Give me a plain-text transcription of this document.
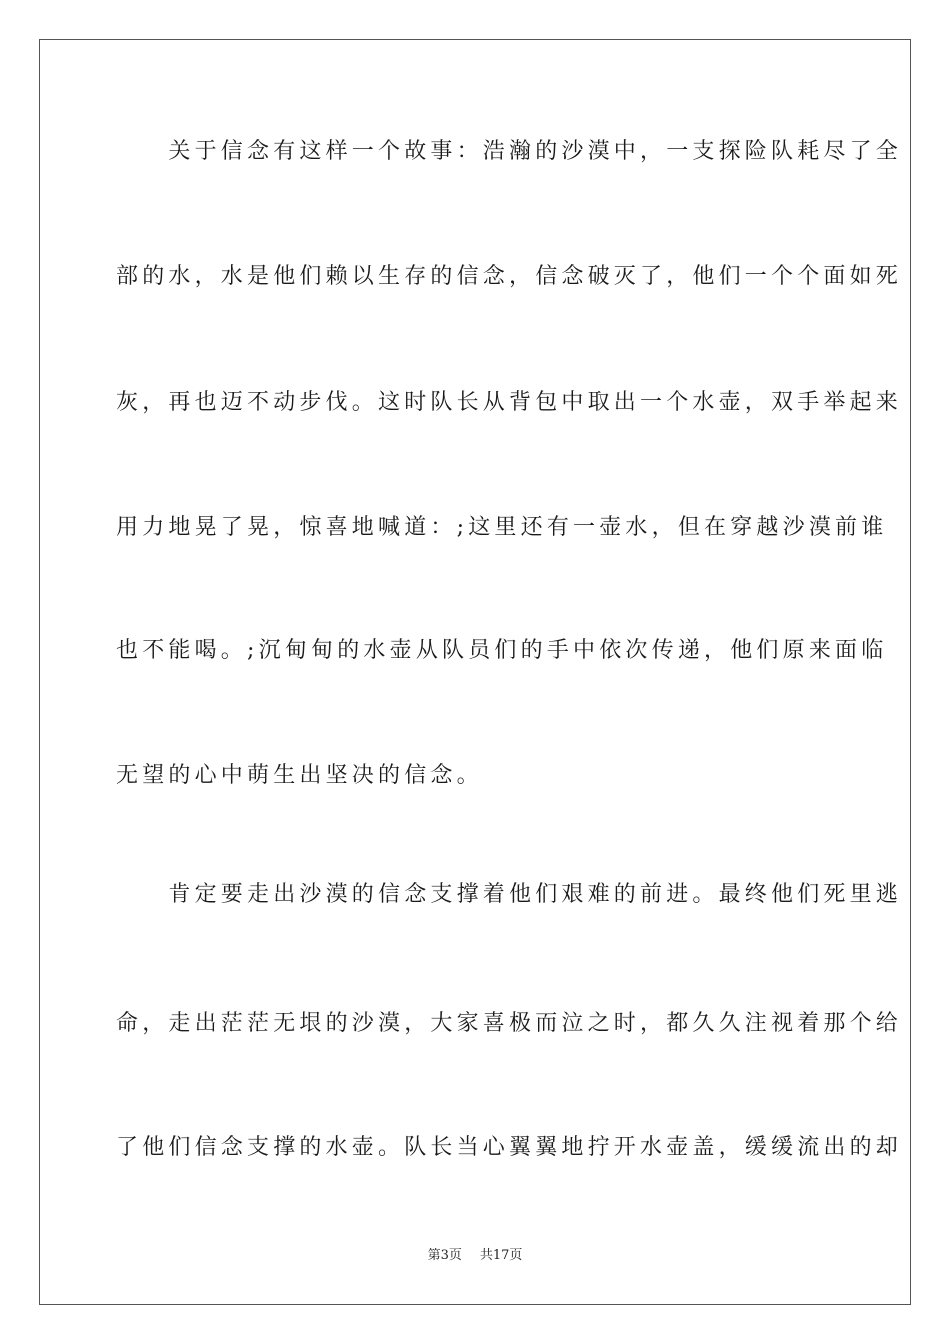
　　关于信念有这样一个故事：浩瀚的沙漠中，一支探险队耗尽了全
部的水，水是他们赖以生存的信念，信念破灭了，他们一个个面如死
灰，再也迈不动步伐。这时队长从背包中取出一个水壶，双手举起来
用力地晃了晃，惊喜地喊道：;这里还有一壶水，但在穿越沙漠前谁
也不能喝。;沉甸甸的水壶从队员们的手中依次传递，他们原来面临
无望的心中萌生出坚决的信念。
　　肯定要走出沙漠的信念支撑着他们艰难的前进。最终他们死里逃
命，走出茫茫无垠的沙漠，大家喜极而泣之时，都久久注视着那个给
了他们信念支撑的水壶。队长当心翼翼地拧开水壶盖，缓缓流出的却
第3页 共17页
